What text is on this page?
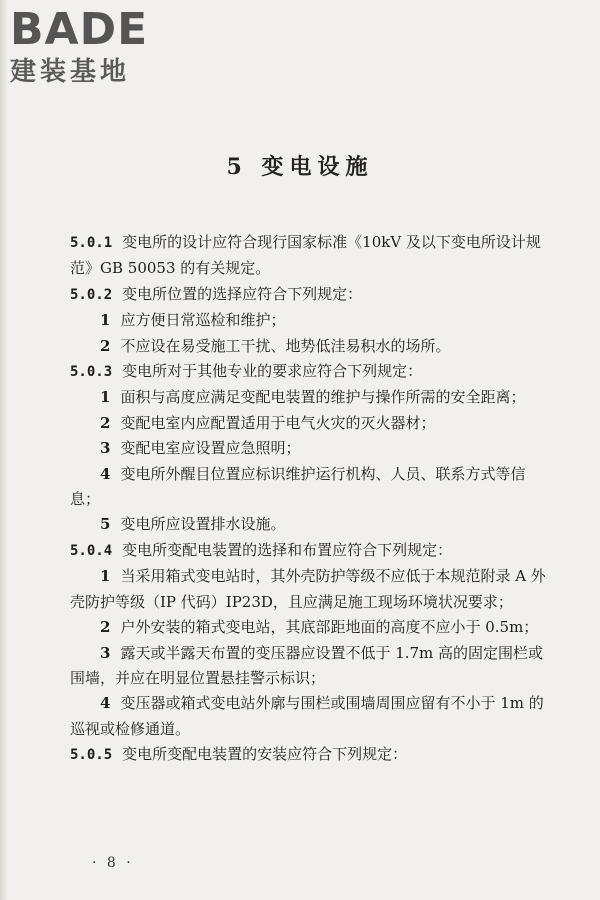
BADE
建装基地
5 变电设施

5.0.1 变电所的设计应符合现行国家标准《10kV 及以下变电所设计规范》GB 50053 的有关规定。

5.0.2 变电所位置的选择应符合下列规定：

1 应方便日常巡检和维护；

2 不应设在易受施工干扰、地势低洼易积水的场所。

5.0.3 变电所对于其他专业的要求应符合下列规定：

1 面积与高度应满足变配电装置的维护与操作所需的安全距离；

2 变配电室内应配置适用于电气火灾的灭火器材；

3 变配电室应设置应急照明；

4 变电所外醒目位置应标识维护运行机构、人员、联系方式等信息；

5 变电所应设置排水设施。

5.0.4 变电所变配电装置的选择和布置应符合下列规定：

1 当采用箱式变电站时，其外壳防护等级不应低于本规范附录 A 外壳防护等级（IP 代码）IP23D，且应满足施工现场环境状况要求；

2 户外安装的箱式变电站，其底部距地面的高度不应小于 0.5m；

3 露天或半露天布置的变压器应设置不低于 1.7m 高的固定围栏或围墙，并应在明显位置悬挂警示标识；

4 变压器或箱式变电站外廓与围栏或围墙周围应留有不小于 1m 的巡视或检修通道。

5.0.5 变电所变配电装置的安装应符合下列规定：

· 8 ·
